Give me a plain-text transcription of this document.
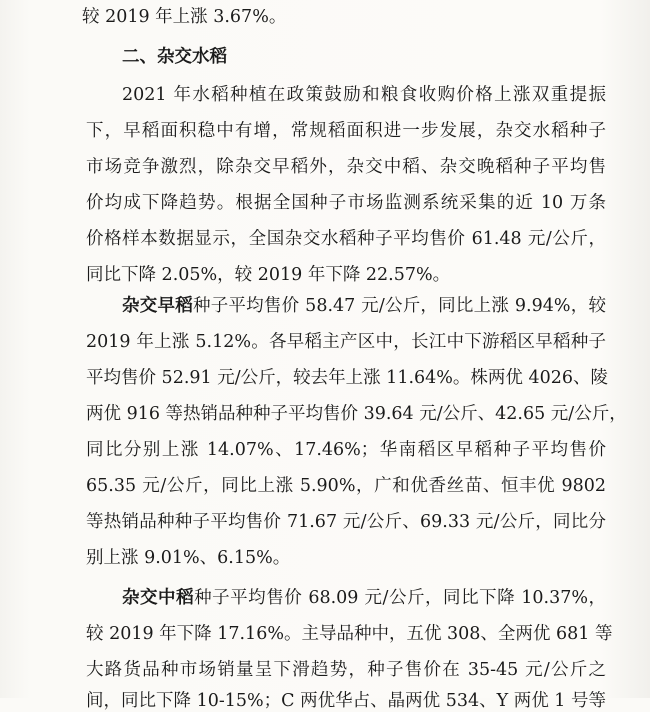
较 2019 年上涨 3.67%。
二、杂交水稻
2021 年水稻种植在政策鼓励和粮食收购价格上涨双重提振
下，早稻面积稳中有增，常规稻面积进一步发展，杂交水稻种子
市场竞争激烈，除杂交早稻外，杂交中稻、杂交晚稻种子平均售
价均成下降趋势。根据全国种子市场监测系统采集的近 10 万条
价格样本数据显示，全国杂交水稻种子平均售价 61.48 元/公斤，
同比下降 2.05%，较 2019 年下降 22.57%。
杂交早稻种子平均售价 58.47 元/公斤，同比上涨 9.94%，较
2019 年上涨 5.12%。各早稻主产区中，长江中下游稻区早稻种子
平均售价 52.91 元/公斤，较去年上涨 11.64%。株两优 4026、陵
两优 916 等热销品种种子平均售价 39.64 元/公斤、42.65 元/公斤，
同比分别上涨 14.07%、17.46%；华南稻区早稻种子平均售价
65.35 元/公斤，同比上涨 5.90%，广和优香丝苗、恒丰优 9802
等热销品种种子平均售价 71.67 元/公斤、69.33 元/公斤，同比分
别上涨 9.01%、6.15%。
杂交中稻种子平均售价 68.09 元/公斤，同比下降 10.37%，
较 2019 年下降 17.16%。主导品种中，五优 308、全两优 681 等
大路货品种市场销量呈下滑趋势，种子售价在 35-45 元/公斤之
间，同比下降 10-15%；C 两优华占、晶两优 534、Y 两优 1 号等
